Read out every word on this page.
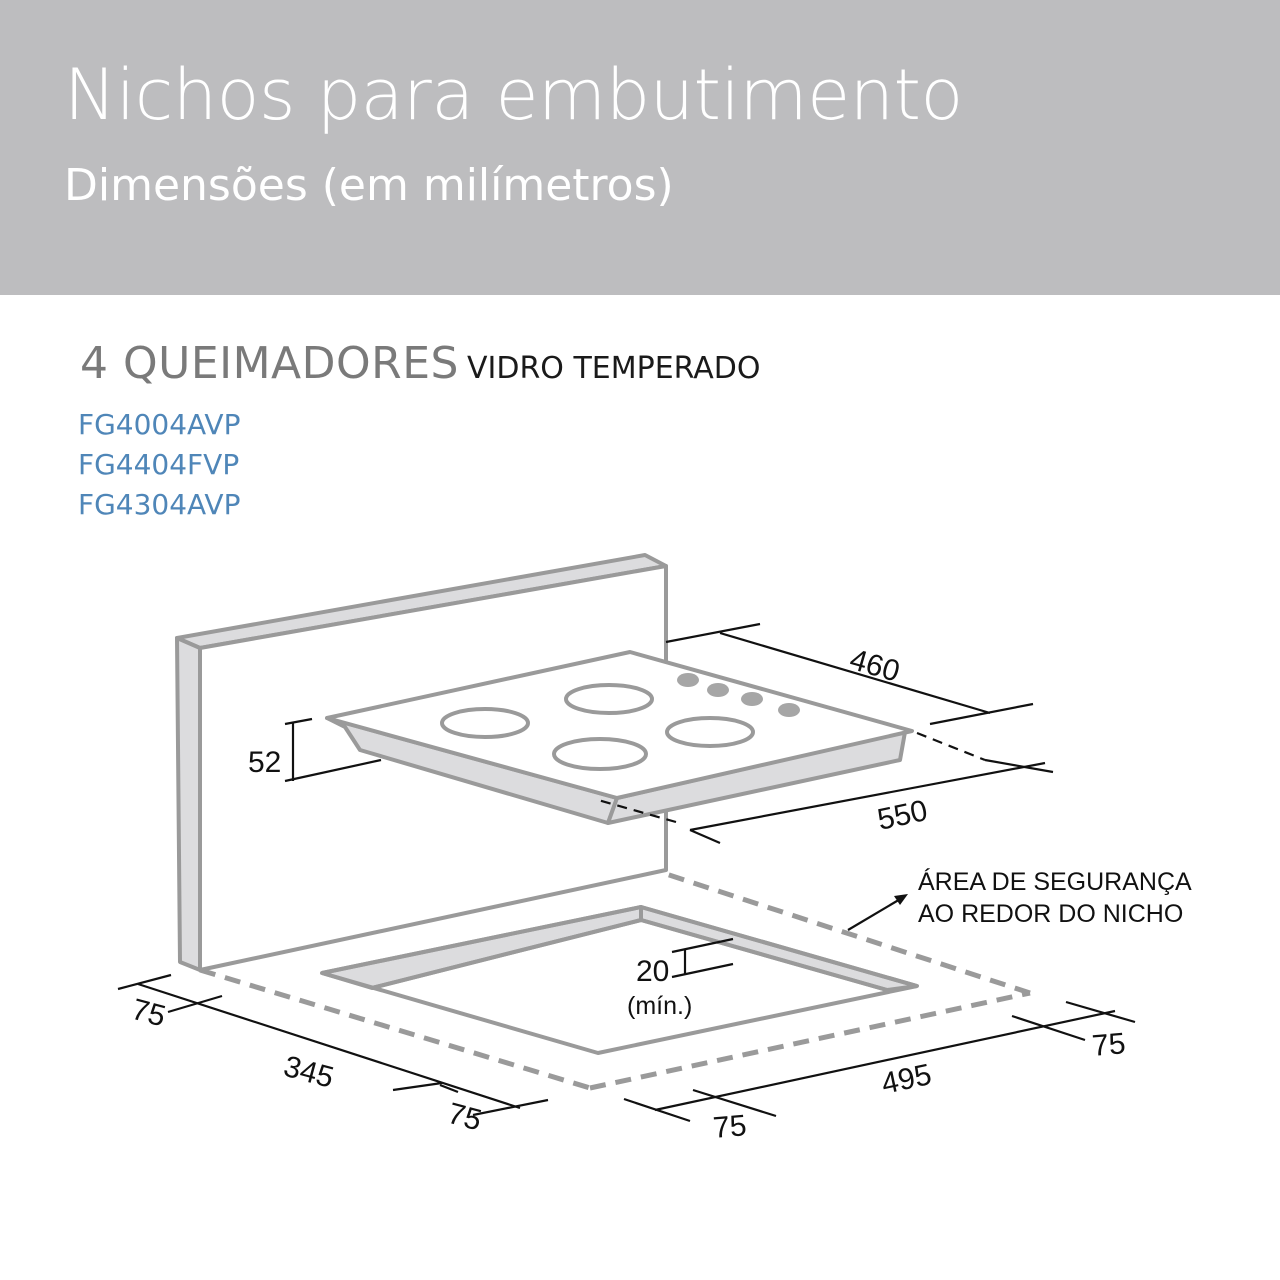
Nichos para embutimento
Dimensões (em milímetros)
4 QUEIMADORES VIDRO TEMPERADO
FG4004AVP
FG4404FVP
FG4304AVP
460
550
52
20
(mín.)
75
345
75
495
75
75
ÁREA DE SEGURANÇA
AO REDOR DO NICHO
